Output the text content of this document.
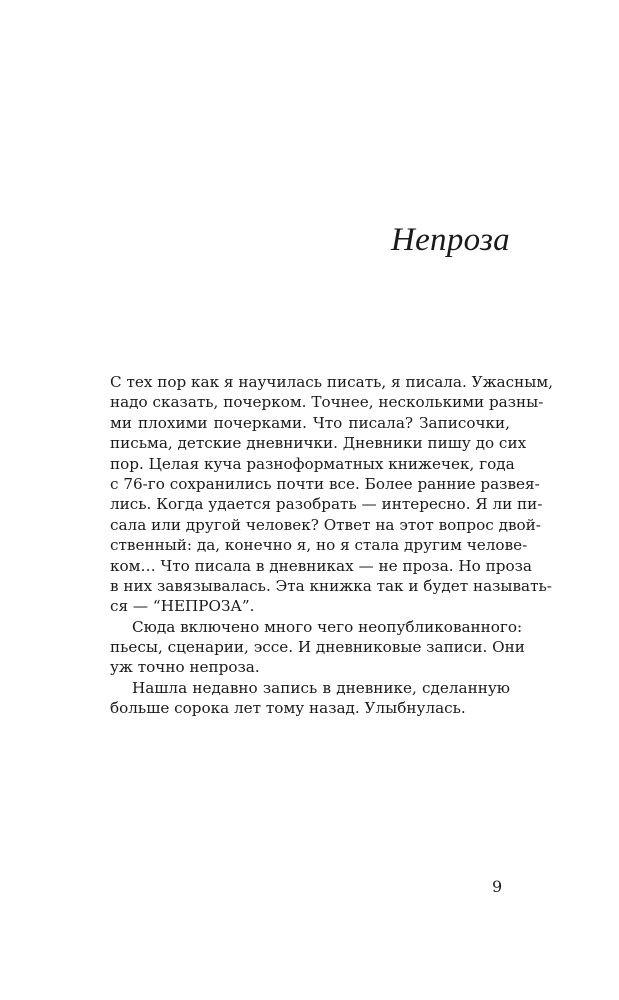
Непроза
С тех пор как я научилась писать, я писала. Ужасным,
надо сказать, почерком. Точнее, несколькими разны-
ми плохими почерками. Что писала? Записочки,
письма, детские дневнички. Дневники пишу до сих
пор. Целая куча разноформатных книжечек, года
с 76-го сохранились почти все. Более ранние развея-
лись. Когда удается разобрать — интересно. Я ли пи-
сала или другой человек? Ответ на этот вопрос двой-
ственный: да, конечно я, но я стала другим челове-
ком… Что писала в дневниках — не проза. Но проза
в них завязывалась. Эта книжка так и будет называть-
ся — “НЕПРОЗА”.
Сюда включено много чего неопубликованного:
пьесы, сценарии, эссе. И дневниковые записи. Они
уж точно непроза.
Нашла недавно запись в дневнике, сделанную
больше сорока лет тому назад. Улыбнулась.
9
